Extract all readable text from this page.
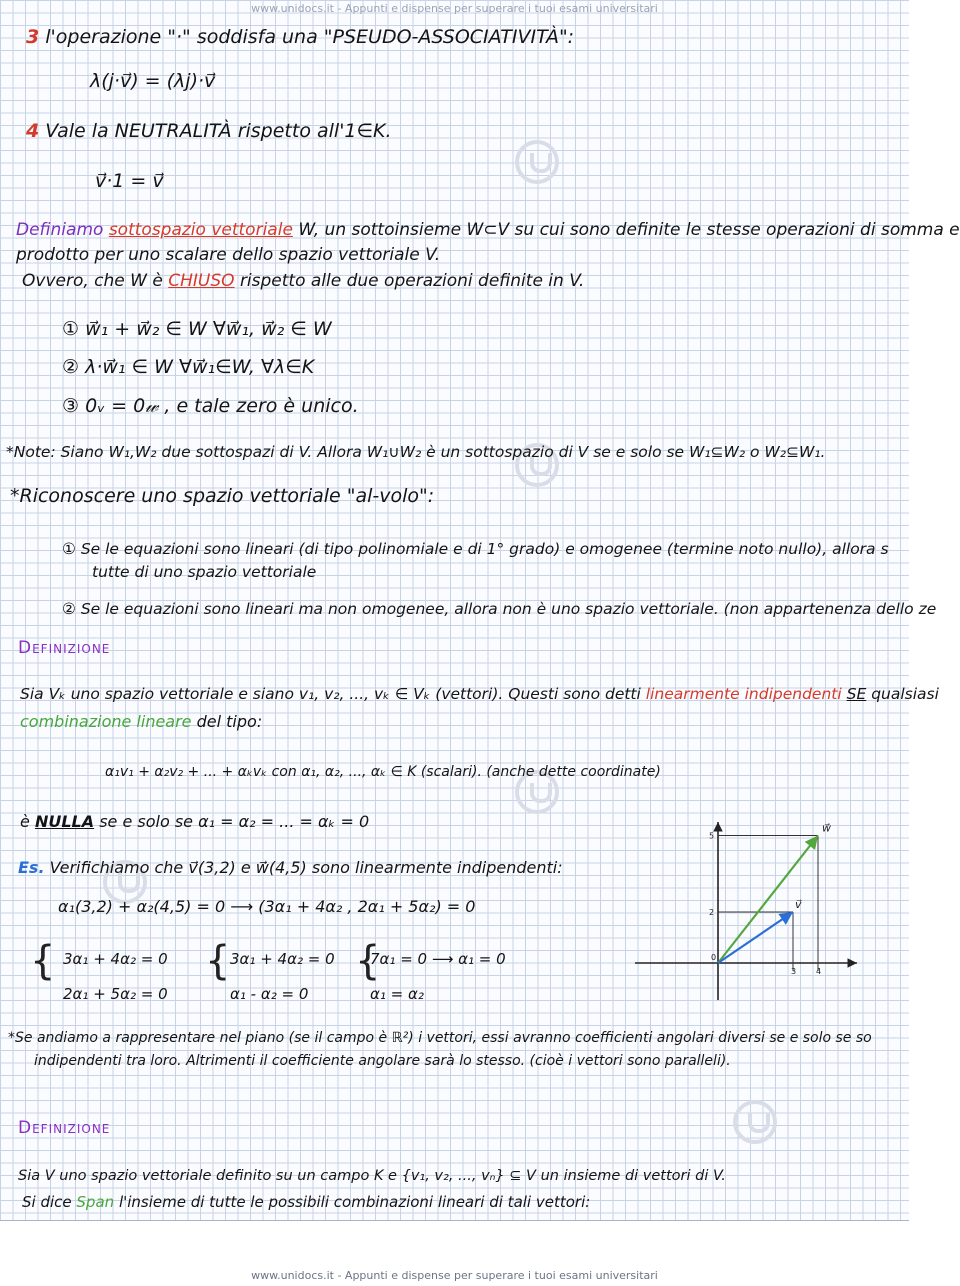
www.unidocs.it - Appunti e dispense per superare i tuoi esami universitari
3 l'operazione "·" soddisfa una "PSEUDO-ASSOCIATIVITÀ":
λ(j·v⃗) = (λj)·v⃗
4 Vale la NEUTRALITÀ rispetto all'1∈K.
v⃗·1 = v⃗
Definiamo sottospazio vettoriale W, un sottoinsieme W⊂V su cui sono definite le stesse operazioni di somma e
prodotto per uno scalare dello spazio vettoriale V.
Ovvero, che W è CHIUSO rispetto alle due operazioni definite in V.
① w⃗₁ + w⃗₂ ∈ W ∀w⃗₁, w⃗₂ ∈ W
② λ·w⃗₁ ∈ W ∀w⃗₁∈W, ∀λ∈K
③ 0ᵥ = 0𝓌 , e tale zero è unico.
*Note: Siano W₁,W₂ due sottospazi di V. Allora W₁∪W₂ è un sottospazio di V se e solo se W₁⊆W₂ o W₂⊆W₁.
*Riconoscere uno spazio vettoriale "al-volo":
① Se le equazioni sono lineari (di tipo polinomiale e di 1° grado) e omogenee (termine noto nullo), allora s
tutte di uno spazio vettoriale
② Se le equazioni sono lineari ma non omogenee, allora non è uno spazio vettoriale. (non appartenenza dello ze
Definizione
Sia Vₖ uno spazio vettoriale e siano v₁, v₂, ..., vₖ ∈ Vₖ (vettori). Questi sono detti linearmente indipendenti SE qualsiasi
combinazione lineare del tipo:
α₁v₁ + α₂v₂ + ... + αₖvₖ con α₁, α₂, ..., αₖ ∈ K (scalari). (anche dette coordinate)
è NULLA se e solo se α₁ = α₂ = ... = αₖ = 0
Es. Verifichiamo che v⃗(3,2) e w⃗(4,5) sono linearmente indipendenti:
α₁(3,2) + α₂(4,5) = 0 ⟶ (3α₁ + 4α₂ , 2α₁ + 5α₂) = 0
{ 3α₁ + 4α₂ = 0
2α₁ + 5α₂ = 0
{ 3α₁ + 4α₂ = 0
α₁ - α₂ = 0
{
7α₁ = 0 ⟶ α₁ = 0
α₁ = α₂
5
2
3 4
0
w⃗
v⃗
*Se andiamo a rappresentare nel piano (se il campo è ℝ²) i vettori, essi avranno coefficienti angolari diversi se e solo se so
indipendenti tra loro. Altrimenti il coefficiente angolare sarà lo stesso. (cioè i vettori sono paralleli).
Definizione
Sia V uno spazio vettoriale definito su un campo K e {v₁, v₂, ..., vₙ} ⊆ V un insieme di vettori di V.
Si dice Span l'insieme di tutte le possibili combinazioni lineari di tali vettori:
www.unidocs.it - Appunti e dispense per superare i tuoi esami universitari
